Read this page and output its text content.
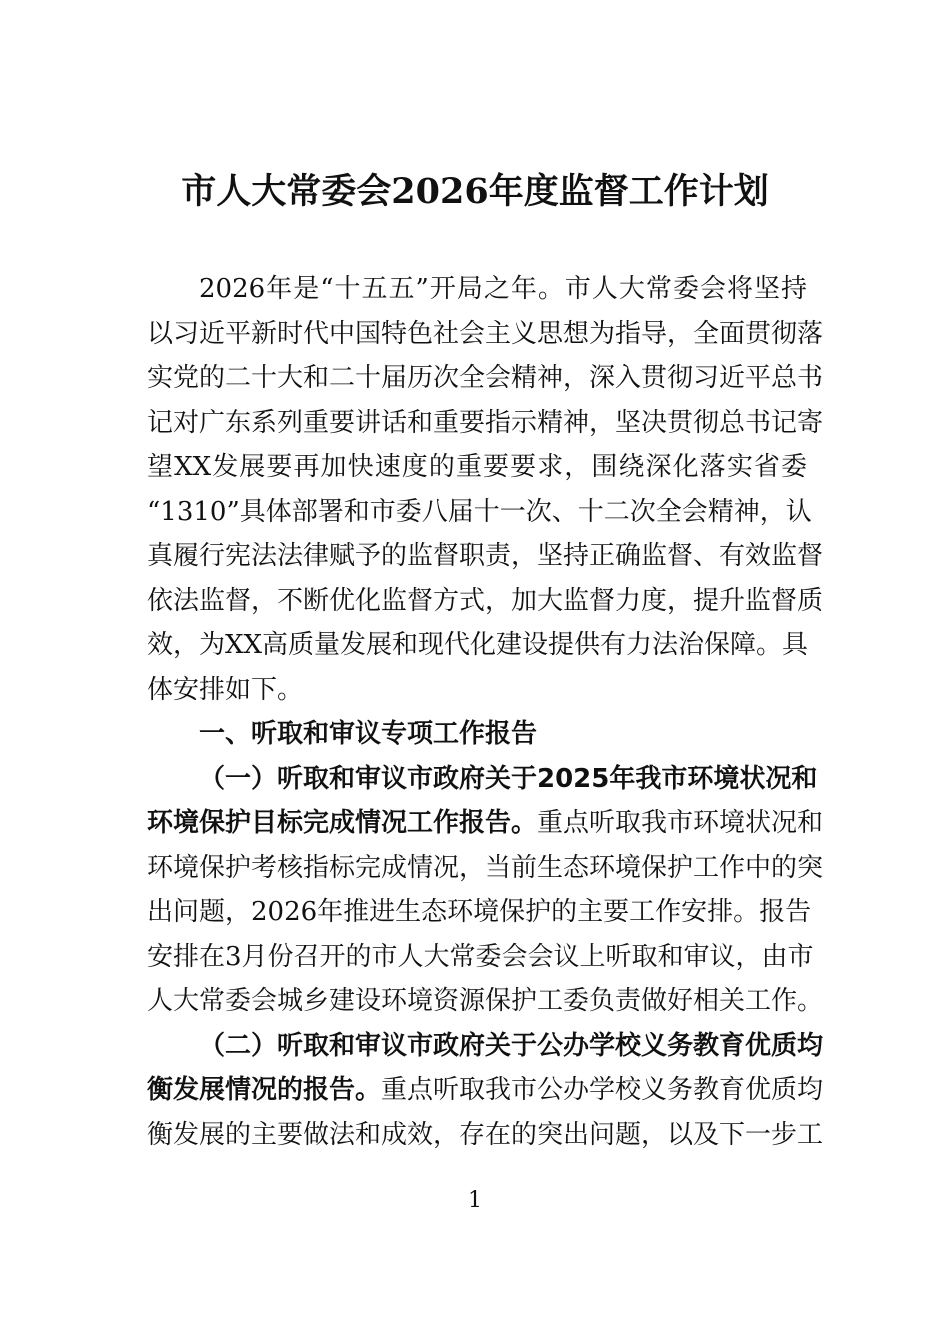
市人大常委会2026年度监督工作计划
2026年是“十五五”开局之年。市人大常委会将坚持
以习近平新时代中国特色社会主义思想为指导，全面贯彻落
实党的二十大和二十届历次全会精神，深入贯彻习近平总书
记对广东系列重要讲话和重要指示精神，坚决贯彻总书记寄
望XX发展要再加快速度的重要要求，围绕深化落实省委
“1310”具体部署和市委八届十一次、十二次全会精神，认
真履行宪法法律赋予的监督职责，坚持正确监督、有效监督
依法监督，不断优化监督方式，加大监督力度，提升监督质
效，为XX高质量发展和现代化建设提供有力法治保障。具
体安排如下。
一、听取和审议专项工作报告
（一）听取和审议市政府关于2025年我市环境状况和
环境保护目标完成情况工作报告。重点听取我市环境状况和
环境保护考核指标完成情况，当前生态环境保护工作中的突
出问题，2026年推进生态环境保护的主要工作安排。报告
安排在3月份召开的市人大常委会会议上听取和审议，由市
人大常委会城乡建设环境资源保护工委负责做好相关工作。
（二）听取和审议市政府关于公办学校义务教育优质均
衡发展情况的报告。重点听取我市公办学校义务教育优质均
衡发展的主要做法和成效，存在的突出问题，以及下一步工
1
